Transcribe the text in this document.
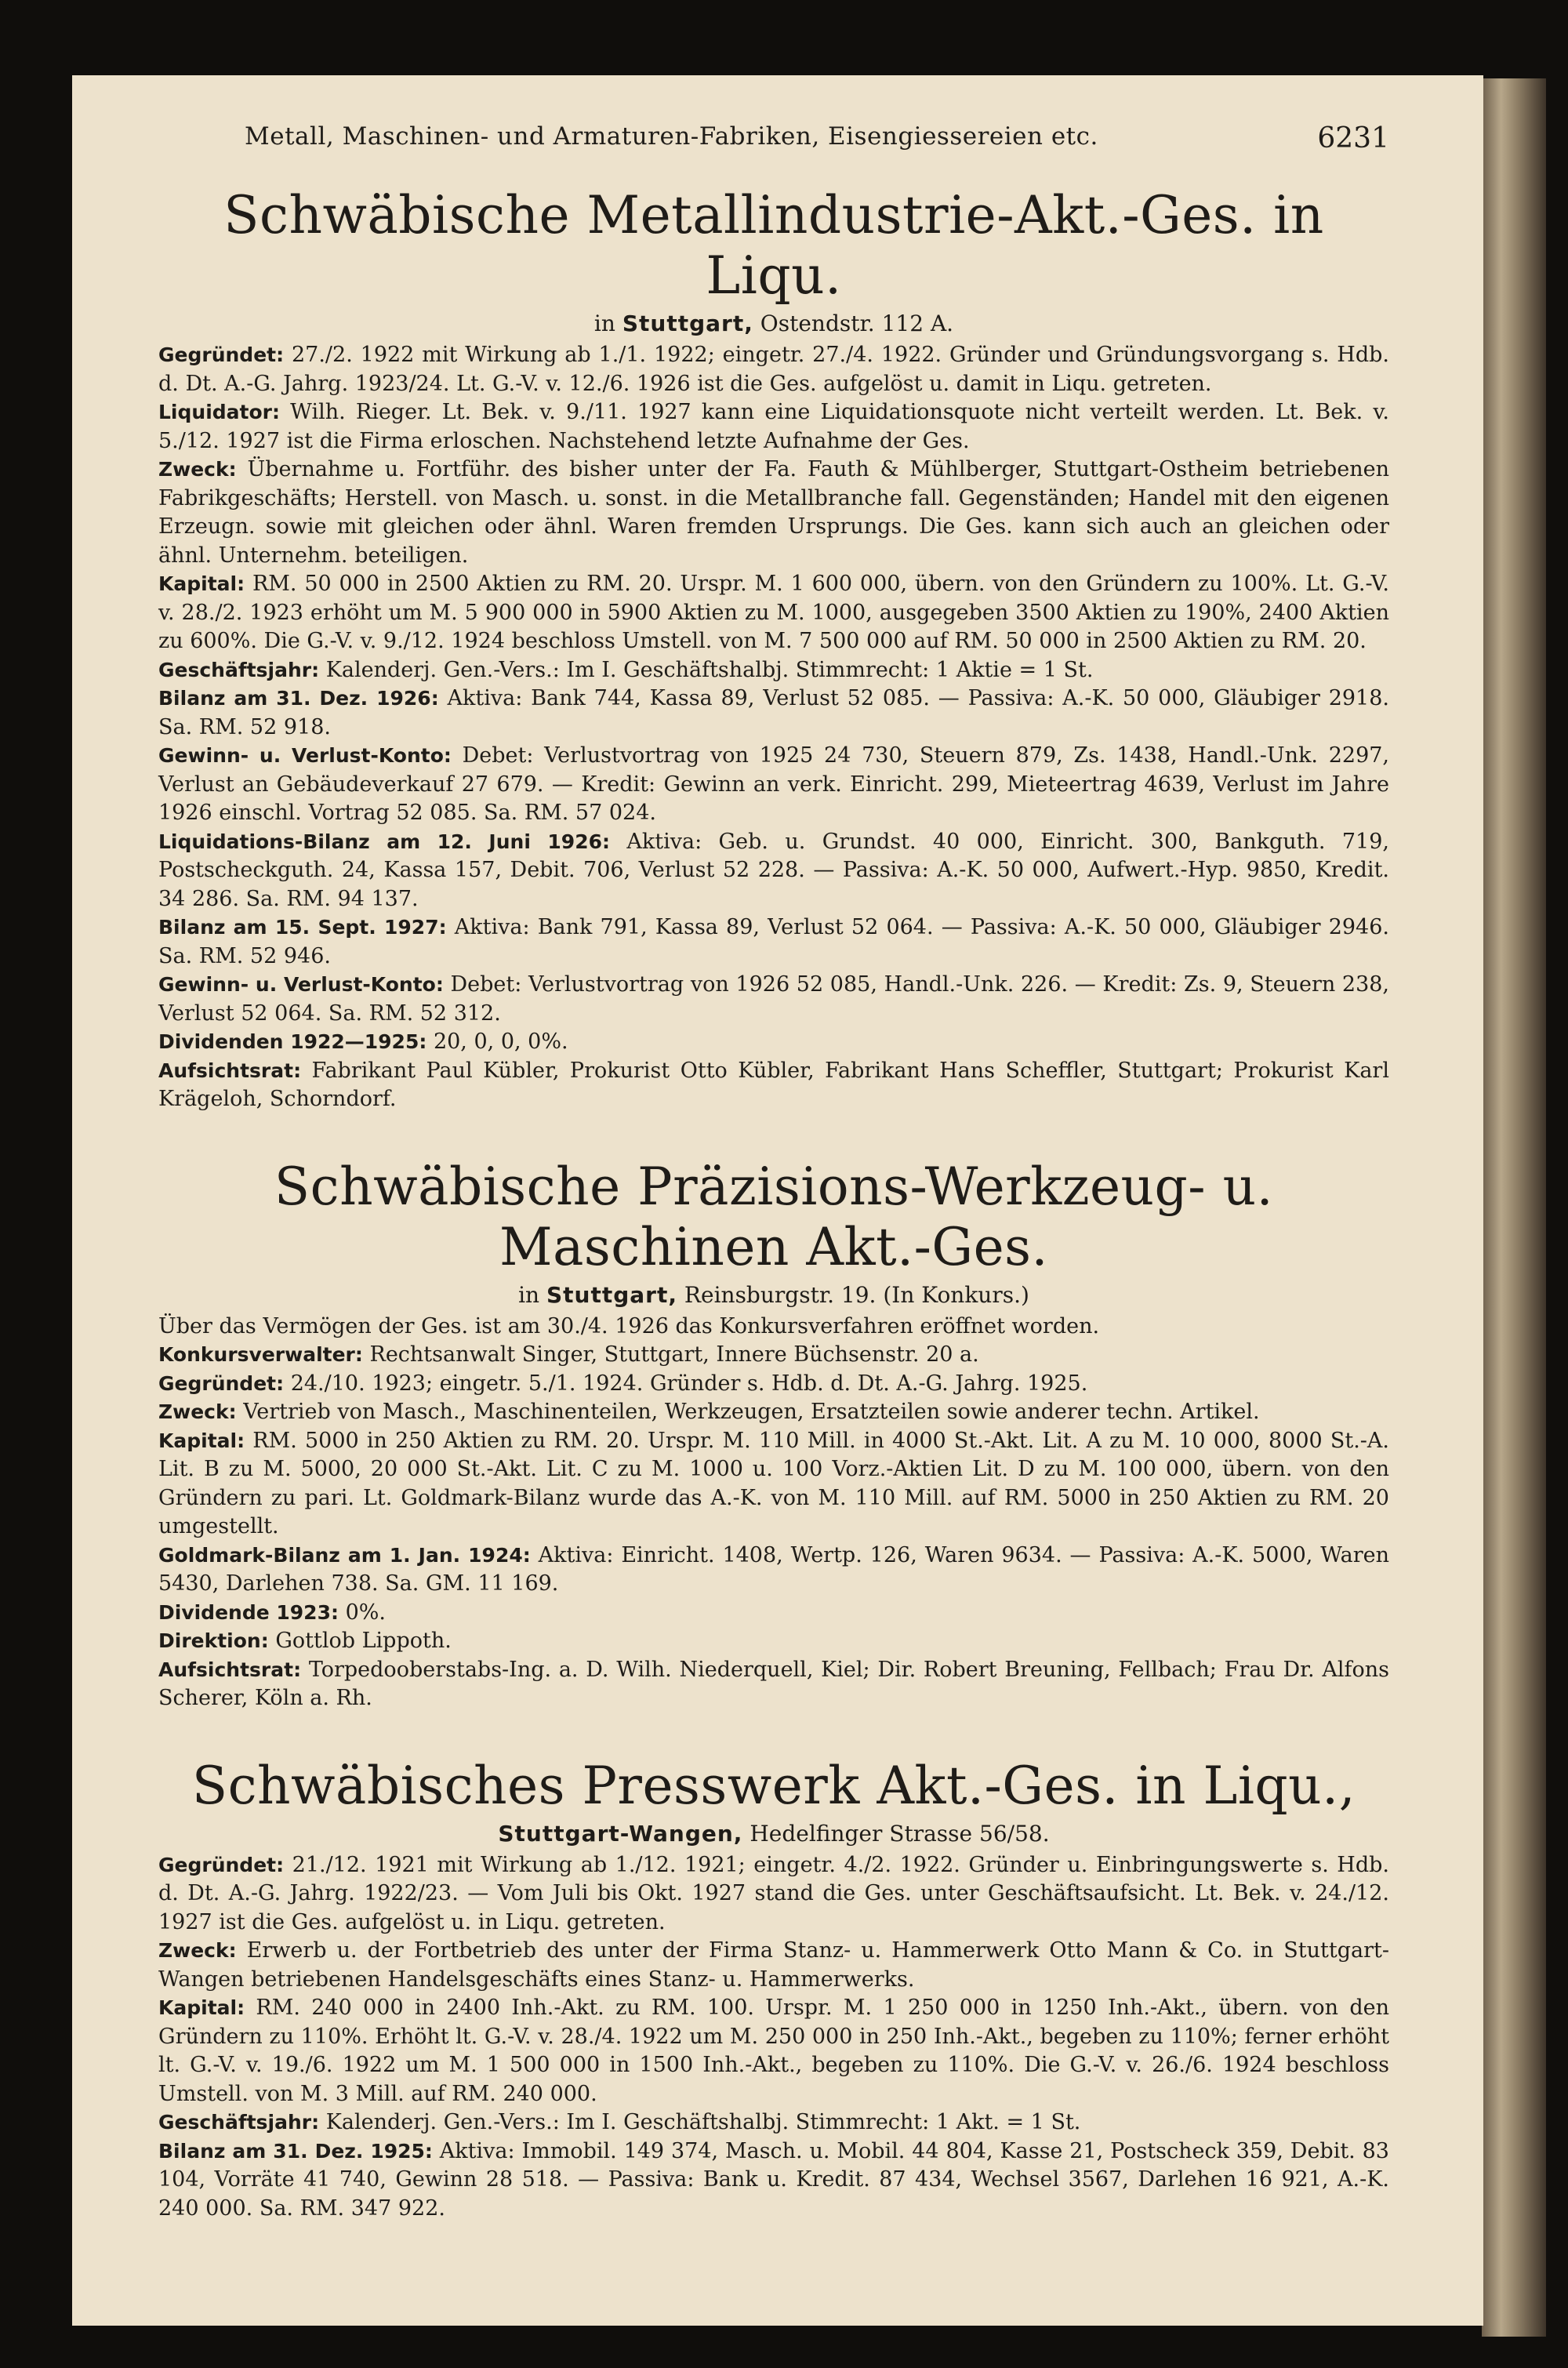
Metall, Maschinen- und Armaturen-Fabriken, Eisengiessereien etc.	6231
Schwäbische Metallindustrie-Akt.-Ges. in Liqu.
in Stuttgart, Ostendstr. 112 A.

Gegründet: 27./2. 1922 mit Wirkung ab 1./1. 1922; eingetr. 27./4. 1922. Gründer und Gründungsvorgang s. Hdb. d. Dt. A.-G. Jahrg. 1923/24. Lt. G.-V. v. 12./6. 1926 ist die Ges. aufgelöst u. damit in Liqu. getreten.

Liquidator: Wilh. Rieger. Lt. Bek. v. 9./11. 1927 kann eine Liquidationsquote nicht verteilt werden. Lt. Bek. v. 5./12. 1927 ist die Firma erloschen. Nachstehend letzte Aufnahme der Ges.

Zweck: Übernahme u. Fortführ. des bisher unter der Fa. Fauth & Mühlberger, Stuttgart-Ostheim betriebenen Fabrikgeschäfts; Herstell. von Masch. u. sonst. in die Metallbranche fall. Gegenständen; Handel mit den eigenen Erzeugn. sowie mit gleichen oder ähnl. Waren fremden Ursprungs. Die Ges. kann sich auch an gleichen oder ähnl. Unternehm. beteiligen.

Kapital: RM. 50 000 in 2500 Aktien zu RM. 20. Urspr. M. 1 600 000, übern. von den Gründern zu 100%. Lt. G.-V. v. 28./2. 1923 erhöht um M. 5 900 000 in 5900 Aktien zu M. 1000, ausgegeben 3500 Aktien zu 190%, 2400 Aktien zu 600%. Die G.-V. v. 9./12. 1924 beschloss Umstell. von M. 7 500 000 auf RM. 50 000 in 2500 Aktien zu RM. 20.

Geschäftsjahr: Kalenderj. Gen.-Vers.: Im I. Geschäftshalbj. Stimmrecht: 1 Aktie = 1 St.

Bilanz am 31. Dez. 1926: Aktiva: Bank 744, Kassa 89, Verlust 52 085. — Passiva: A.-K. 50 000, Gläubiger 2918. Sa. RM. 52 918.

Gewinn- u. Verlust-Konto: Debet: Verlustvortrag von 1925 24 730, Steuern 879, Zs. 1438, Handl.-Unk. 2297, Verlust an Gebäudeverkauf 27 679. — Kredit: Gewinn an verk. Einricht. 299, Mieteertrag 4639, Verlust im Jahre 1926 einschl. Vortrag 52 085. Sa. RM. 57 024.

Liquidations-Bilanz am 12. Juni 1926: Aktiva: Geb. u. Grundst. 40 000, Einricht. 300, Bankguth. 719, Postscheckguth. 24, Kassa 157, Debit. 706, Verlust 52 228. — Passiva: A.-K. 50 000, Aufwert.-Hyp. 9850, Kredit. 34 286. Sa. RM. 94 137.

Bilanz am 15. Sept. 1927: Aktiva: Bank 791, Kassa 89, Verlust 52 064. — Passiva: A.-K. 50 000, Gläubiger 2946. Sa. RM. 52 946.

Gewinn- u. Verlust-Konto: Debet: Verlustvortrag von 1926 52 085, Handl.-Unk. 226. — Kredit: Zs. 9, Steuern 238, Verlust 52 064. Sa. RM. 52 312.

Dividenden 1922—1925: 20, 0, 0, 0%.

Aufsichtsrat: Fabrikant Paul Kübler, Prokurist Otto Kübler, Fabrikant Hans Scheffler, Stuttgart; Prokurist Karl Krägeloh, Schorndorf.

Schwäbische Präzisions-Werkzeug- u. Maschinen Akt.-Ges.
in Stuttgart, Reinsburgstr. 19. (In Konkurs.)

Über das Vermögen der Ges. ist am 30./4. 1926 das Konkursverfahren eröffnet worden.

Konkursverwalter: Rechtsanwalt Singer, Stuttgart, Innere Büchsenstr. 20 a.

Gegründet: 24./10. 1923; eingetr. 5./1. 1924. Gründer s. Hdb. d. Dt. A.-G. Jahrg. 1925.

Zweck: Vertrieb von Masch., Maschinenteilen, Werkzeugen, Ersatzteilen sowie anderer techn. Artikel.

Kapital: RM. 5000 in 250 Aktien zu RM. 20. Urspr. M. 110 Mill. in 4000 St.-Akt. Lit. A zu M. 10 000, 8000 St.-A. Lit. B zu M. 5000, 20 000 St.-Akt. Lit. C zu M. 1000 u. 100 Vorz.-Aktien Lit. D zu M. 100 000, übern. von den Gründern zu pari. Lt. Goldmark-Bilanz wurde das A.-K. von M. 110 Mill. auf RM. 5000 in 250 Aktien zu RM. 20 umgestellt.

Goldmark-Bilanz am 1. Jan. 1924: Aktiva: Einricht. 1408, Wertp. 126, Waren 9634. — Passiva: A.-K. 5000, Waren 5430, Darlehen 738. Sa. GM. 11 169.

Dividende 1923: 0%.

Direktion: Gottlob Lippoth.

Aufsichtsrat: Torpedooberstabs-Ing. a. D. Wilh. Niederquell, Kiel; Dir. Robert Breuning, Fellbach; Frau Dr. Alfons Scherer, Köln a. Rh.

Schwäbisches Presswerk Akt.-Ges. in Liqu.,
Stuttgart-Wangen, Hedelfinger Strasse 56/58.

Gegründet: 21./12. 1921 mit Wirkung ab 1./12. 1921; eingetr. 4./2. 1922. Gründer u. Einbringungswerte s. Hdb. d. Dt. A.-G. Jahrg. 1922/23. — Vom Juli bis Okt. 1927 stand die Ges. unter Geschäftsaufsicht. Lt. Bek. v. 24./12. 1927 ist die Ges. aufgelöst u. in Liqu. getreten.

Zweck: Erwerb u. der Fortbetrieb des unter der Firma Stanz- u. Hammerwerk Otto Mann & Co. in Stuttgart-Wangen betriebenen Handelsgeschäfts eines Stanz- u. Hammerwerks.

Kapital: RM. 240 000 in 2400 Inh.-Akt. zu RM. 100. Urspr. M. 1 250 000 in 1250 Inh.-Akt., übern. von den Gründern zu 110%. Erhöht lt. G.-V. v. 28./4. 1922 um M. 250 000 in 250 Inh.-Akt., begeben zu 110%; ferner erhöht lt. G.-V. v. 19./6. 1922 um M. 1 500 000 in 1500 Inh.-Akt., begeben zu 110%. Die G.-V. v. 26./6. 1924 beschloss Umstell. von M. 3 Mill. auf RM. 240 000.

Geschäftsjahr: Kalenderj. Gen.-Vers.: Im I. Geschäftshalbj. Stimmrecht: 1 Akt. = 1 St.

Bilanz am 31. Dez. 1925: Aktiva: Immobil. 149 374, Masch. u. Mobil. 44 804, Kasse 21, Postscheck 359, Debit. 83 104, Vorräte 41 740, Gewinn 28 518. — Passiva: Bank u. Kredit. 87 434, Wechsel 3567, Darlehen 16 921, A.-K. 240 000. Sa. RM. 347 922.
